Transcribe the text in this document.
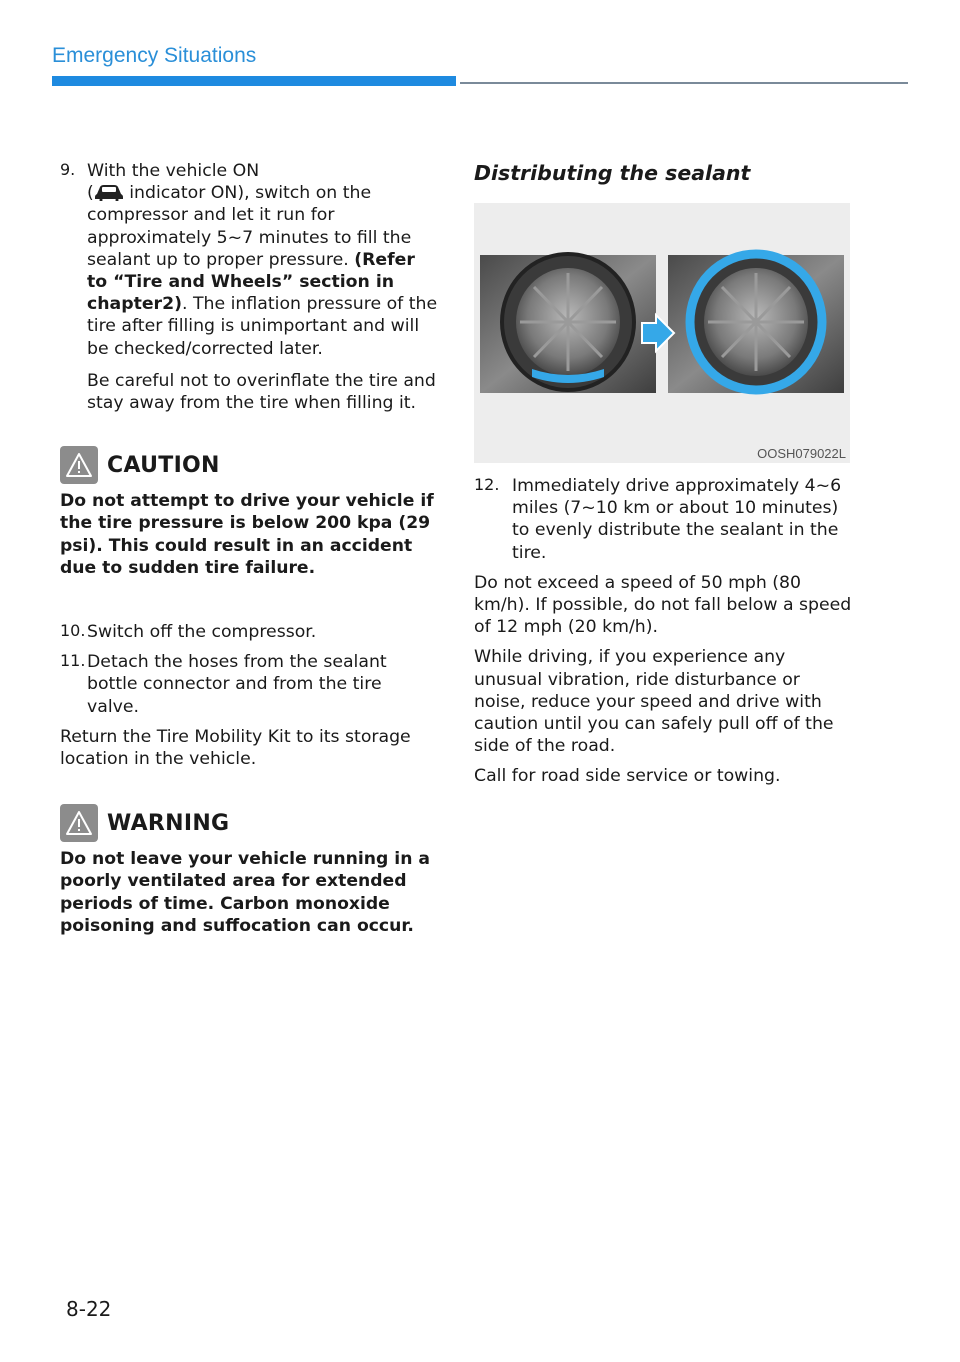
Emergency Situations
9. With the vehicle ON
( indicator ON), switch on the compressor and let it run for approximately 5~7 minutes to fill the sealant up to proper pressure. (Refer to “Tire and Wheels” section in chapter2). The inflation pressure of the tire after filling is unimportant and will be checked/corrected later.

Be careful not to overinflate the tire and stay away from the tire when filling it.

CAUTION

Do not attempt to drive your vehicle if the tire pressure is below 200 kpa (29 psi). This could result in an accident due to sudden tire failure.

10. Switch off the compressor.

11. Detach the hoses from the sealant bottle connector and from the tire valve.

Return the Tire Mobility Kit to its storage location in the vehicle.

WARNING

Do not leave your vehicle running in a poorly ventilated area for extended periods of time. Carbon monoxide poisoning and suffocation can occur.

Distributing the sealant
OOSH079022L
12. Immediately drive approximately 4~6 miles (7~10 km or about 10 minutes) to evenly distribute the sealant in the tire.

Do not exceed a speed of 50 mph (80 km/h). If possible, do not fall below a speed of 12 mph (20 km/h).

While driving, if you experience any unusual vibration, ride disturbance or noise, reduce your speed and drive with caution until you can safely pull off of the side of the road.

Call for road side service or towing.

8-22
